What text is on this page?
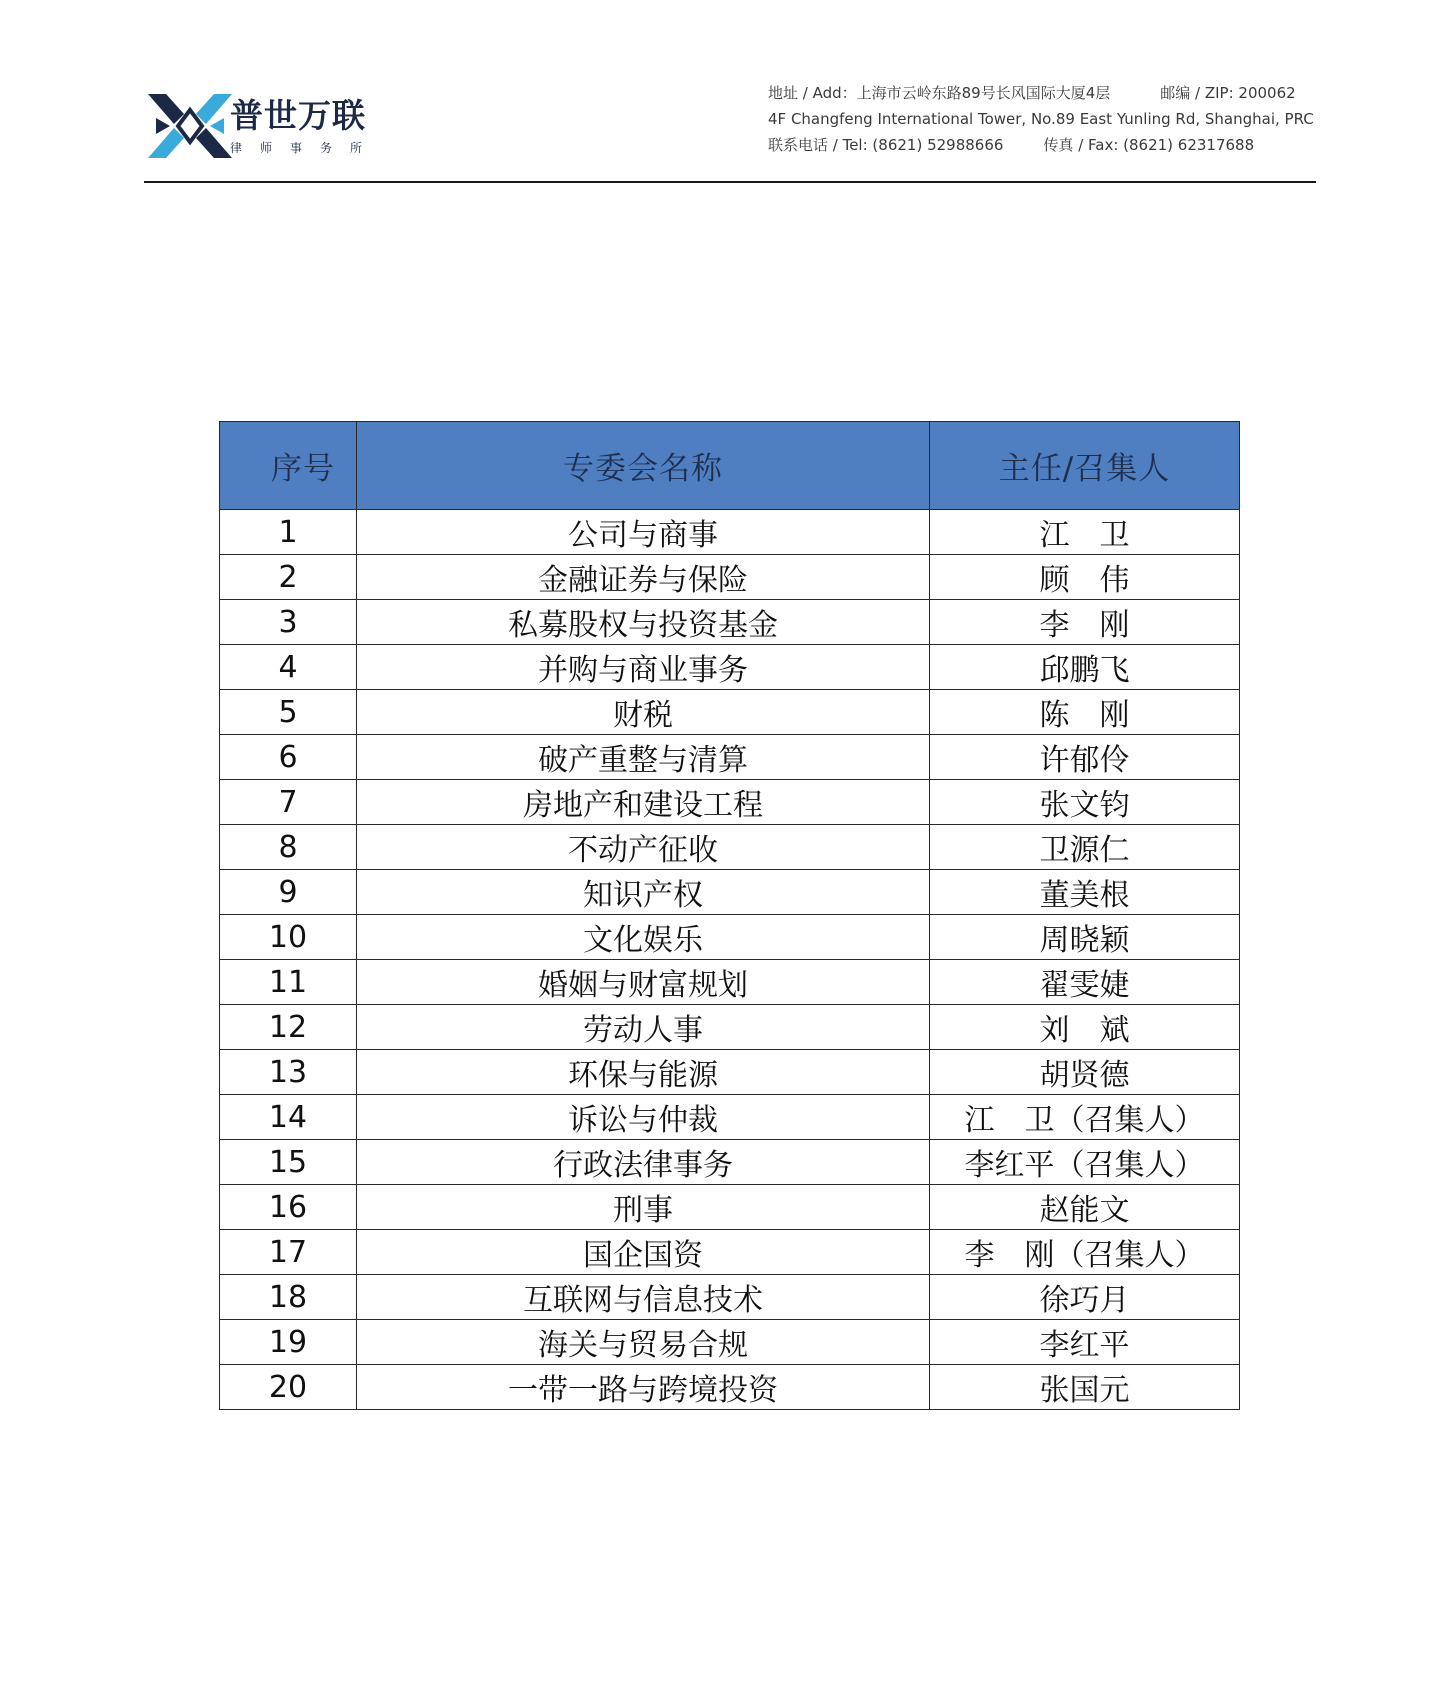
普世万联
律师事务所
地址 / Add：上海市云岭东路89号长风国际大厦4层	邮编 / ZIP: 200062
4F Changfeng International Tower, No.89 East Yunling Rd, Shanghai, PRC
联系电话 / Tel: (8621) 52988666	传真 / Fax: (8621) 62317688
序号	专委会名称	主任/召集人
1	公司与商事	江　卫
2	金融证券与保险	顾　伟
3	私募股权与投资基金	李　刚
4	并购与商业事务	邱鹏飞
5	财税	陈　刚
6	破产重整与清算	许郁伶
7	房地产和建设工程	张文钧
8	不动产征收	卫源仁
9	知识产权	董美根
10	文化娱乐	周晓颖
11	婚姻与财富规划	翟雯婕
12	劳动人事	刘　斌
13	环保与能源	胡贤德
14	诉讼与仲裁	江　卫（召集人）
15	行政法律事务	李红平（召集人）
16	刑事	赵能文
17	国企国资	李　刚（召集人）
18	互联网与信息技术	徐巧月
19	海关与贸易合规	李红平
20	一带一路与跨境投资	张国元
